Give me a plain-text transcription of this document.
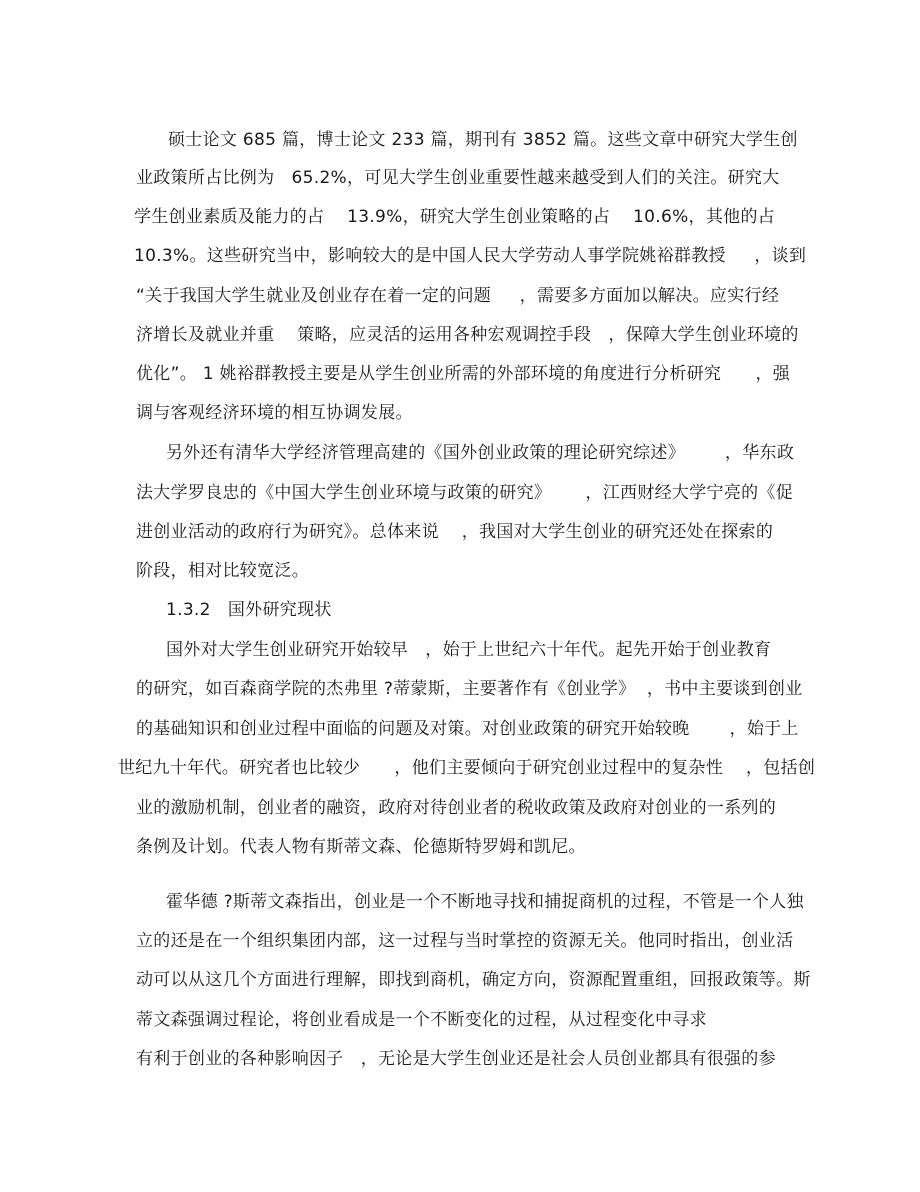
硕士论文 685 篇，博士论文 233 篇，期刊有 3852 篇。这些文章中研究大学生创
业政策所占比例为   65.2%，可见大学生创业重要性越来越受到人们的关注。研究大
学生创业素质及能力的占    13.9%，研究大学生创业策略的占    10.6%，其他的占
10.3%。这些研究当中，影响较大的是中国人民大学劳动人事学院姚裕群教授     ，谈到
“关于我国大学生就业及创业存在着一定的问题     ，需要多方面加以解决。应实行经
济增长及就业并重    策略，应灵活的运用各种宏观调控手段   ，保障大学生创业环境的
优化”。 1 姚裕群教授主要是从学生创业所需的外部环境的角度进行分析研究      ，强
调与客观经济环境的相互协调发展。
另外还有清华大学经济管理高建的《国外创业政策的理论研究综述》       ，华东政
法大学罗良忠的《中国大学生创业环境与政策的研究》      ，江西财经大学宁亮的《促
进创业活动的政府行为研究》。总体来说    ，我国对大学生创业的研究还处在探索的
阶段，相对比较宽泛。
1.3.2   国外研究现状
国外对大学生创业研究开始较早   ，始于上世纪六十年代。起先开始于创业教育
的研究，如百森商学院的杰弗里 ?蒂蒙斯，主要著作有《创业学》  ，书中主要谈到创业
的基础知识和创业过程中面临的问题及对策。对创业政策的研究开始较晚       ，始于上
世纪九十年代。研究者也比较少      ，他们主要倾向于研究创业过程中的复杂性    ，包括创
业的激励机制，创业者的融资，政府对待创业者的税收政策及政府对创业的一系列的
条例及计划。代表人物有斯蒂文森、伦德斯特罗姆和凯尼。
霍华德 ?斯蒂文森指出，创业是一个不断地寻找和捕捉商机的过程，不管是一个人独
立的还是在一个组织集团内部，这一过程与当时掌控的资源无关。他同时指出，创业活
动可以从这几个方面进行理解，即找到商机，确定方向，资源配置重组，回报政策等。斯
蒂文森强调过程论，将创业看成是一个不断变化的过程，从过程变化中寻求
有利于创业的各种影响因子   ，无论是大学生创业还是社会人员创业都具有很强的参
